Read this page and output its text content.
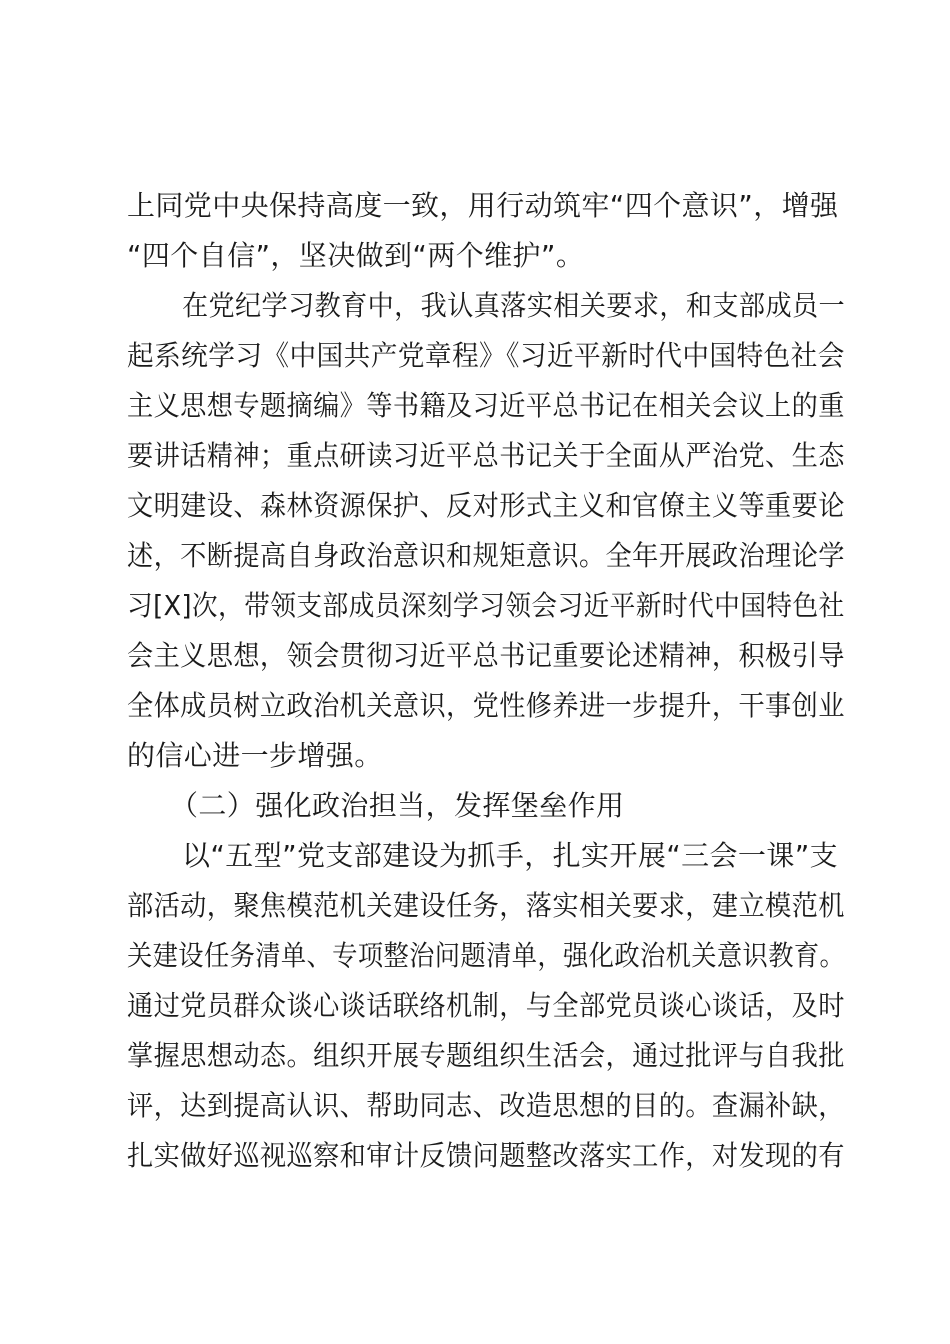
上同党中央保持高度一致，用行动筑牢“四个意识”，增强
“四个自信”，坚决做到“两个维护”。
在党纪学习教育中，我认真落实相关要求，和支部成员一
起系统学习《中国共产党章程》《习近平新时代中国特色社会
主义思想专题摘编》等书籍及习近平总书记在相关会议上的重
要讲话精神；重点研读习近平总书记关于全面从严治党、生态
文明建设、森林资源保护、反对形式主义和官僚主义等重要论
述，不断提高自身政治意识和规矩意识。全年开展政治理论学
习[X]次，带领支部成员深刻学习领会习近平新时代中国特色社
会主义思想，领会贯彻习近平总书记重要论述精神，积极引导
全体成员树立政治机关意识，党性修养进一步提升，干事创业
的信心进一步增强。
（二）强化政治担当，发挥堡垒作用
以“五型”党支部建设为抓手，扎实开展“三会一课”支
部活动，聚焦模范机关建设任务，落实相关要求，建立模范机
关建设任务清单、专项整治问题清单，强化政治机关意识教育。
通过党员群众谈心谈话联络机制，与全部党员谈心谈话，及时
掌握思想动态。组织开展专题组织生活会，通过批评与自我批
评，达到提高认识、帮助同志、改造思想的目的。查漏补缺，
扎实做好巡视巡察和审计反馈问题整改落实工作，对发现的有
